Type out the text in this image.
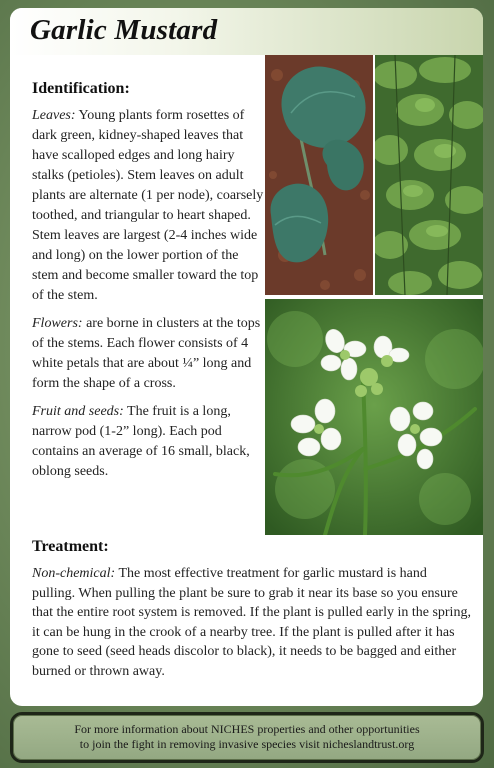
Garlic Mustard
Identification:

Leaves: Young plants form rosettes of dark green, kidney-shaped leaves that have scalloped edges and long hairy stalks (petioles). Stem leaves on adult plants are alternate (1 per node), coarsely toothed, and triangular to heart shaped. Stem leaves are largest (2-4 inches wide and long) on the lower portion of the stem and become smaller toward the top of the stem.

Flowers: are borne in clusters at the tops of the stems. Each flower consists of 4 white petals that are about ¼” long and form the shape of a cross.

Fruit and seeds: The fruit is a long, narrow pod (1-2” long). Each pod contains an average of 16 small, black, oblong seeds.

Treatment:

Non-chemical: The most effective treatment for garlic mustard is hand pulling. When pulling the plant be sure to grab it near its base so you ensure that the entire root system is removed. If the plant is pulled early in the spring, it can be hung in the crook of a nearby tree. If the plant is pulled after it has gone to seed (seed heads discolor to black), it needs to be bagged and either burned or thrown away.

For more information about NICHES properties and other opportunities
to join the fight in removing invasive species visit nicheslandtrust.org
